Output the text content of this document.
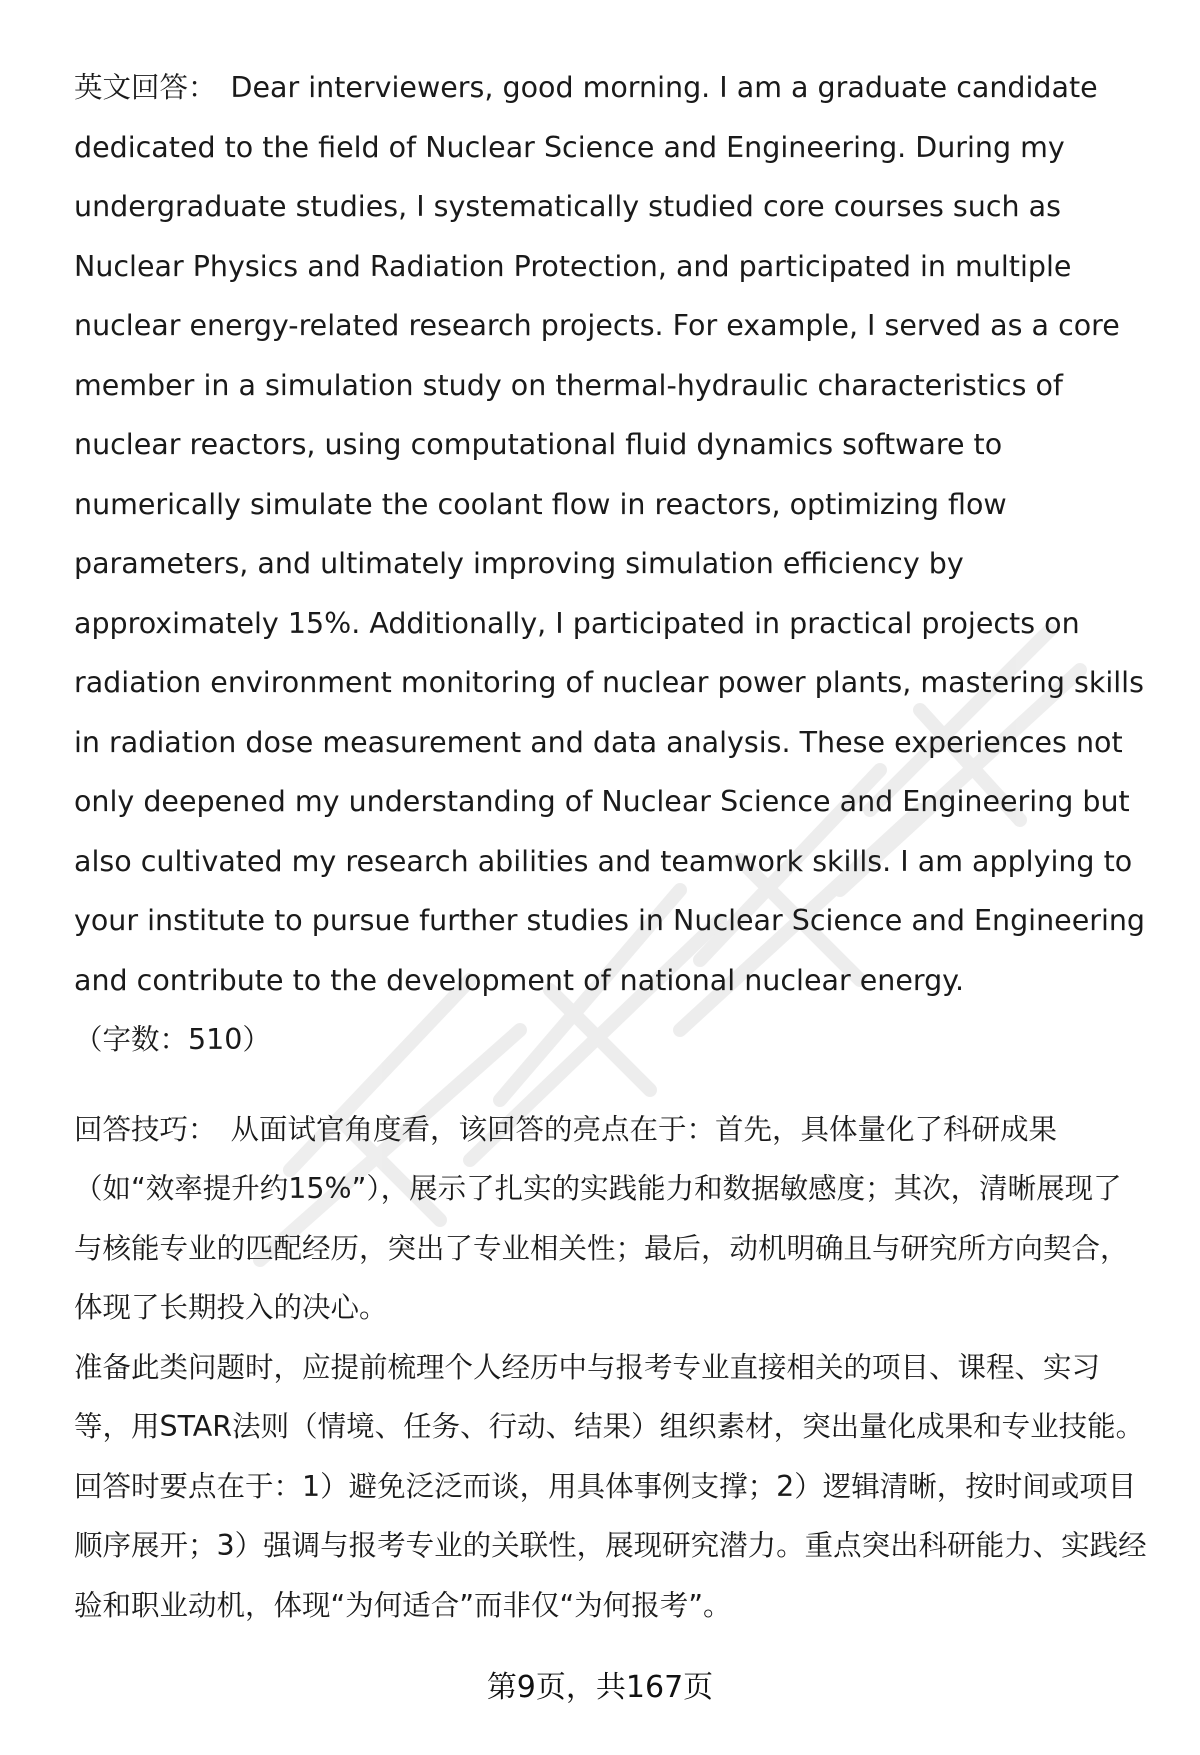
英文回答： Dear interviewers, good morning. I am a graduate candidate dedicated to the field of Nuclear Science and Engineering. During my undergraduate studies, I systematically studied core courses such as Nuclear Physics and Radiation Protection, and participated in multiple nuclear energy-related research projects. For example, I served as a core member in a simulation study on thermal-hydraulic characteristics of nuclear reactors, using computational fluid dynamics software to numerically simulate the coolant flow in reactors, optimizing flow parameters, and ultimately improving simulation efficiency by approximately 15%. Additionally, I participated in practical projects on radiation environment monitoring of nuclear power plants, mastering skills in radiation dose measurement and data analysis. These experiences not only deepened my understanding of Nuclear Science and Engineering but also cultivated my research abilities and teamwork skills. I am applying to your institute to pursue further studies in Nuclear Science and Engineering and contribute to the development of national nuclear energy.
（字数：510）
回答技巧： 从面试官角度看，该回答的亮点在于：首先，具体量化了科研成果（如“效率提升约15%”），展示了扎实的实践能力和数据敏感度；其次，清晰展现了与核能专业的匹配经历，突出了专业相关性；最后，动机明确且与研究所方向契合，体现了长期投入的决心。
准备此类问题时，应提前梳理个人经历中与报考专业直接相关的项目、课程、实习等，用STAR法则（情境、任务、行动、结果）组织素材，突出量化成果和专业技能。回答时要点在于：1）避免泛泛而谈，用具体事例支撑；2）逻辑清晰，按时间或项目顺序展开；3）强调与报考专业的关联性，展现研究潜力。重点突出科研能力、实践经验和职业动机，体现“为何适合”而非仅“为何报考”。
第9页，共167页
